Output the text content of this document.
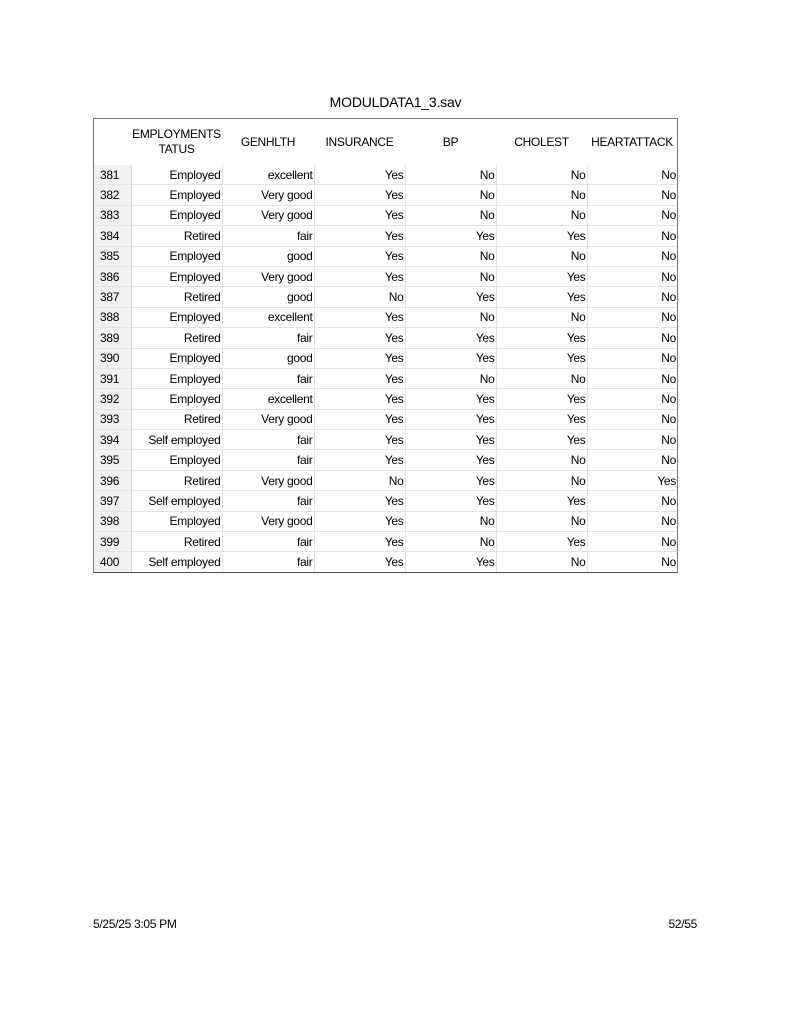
MODULDATA1_3.sav
	EMPLOYMENTSTATUS	GENHLTH	INSURANCE	BP	CHOLEST	HEARTATTACK
381	Employed	excellent	Yes	No	No	No
382	Employed	Very good	Yes	No	No	No
383	Employed	Very good	Yes	No	No	No
384	Retired	fair	Yes	Yes	Yes	No
385	Employed	good	Yes	No	No	No
386	Employed	Very good	Yes	No	Yes	No
387	Retired	good	No	Yes	Yes	No
388	Employed	excellent	Yes	No	No	No
389	Retired	fair	Yes	Yes	Yes	No
390	Employed	good	Yes	Yes	Yes	No
391	Employed	fair	Yes	No	No	No
392	Employed	excellent	Yes	Yes	Yes	No
393	Retired	Very good	Yes	Yes	Yes	No
394	Self employed	fair	Yes	Yes	Yes	No
395	Employed	fair	Yes	Yes	No	No
396	Retired	Very good	No	Yes	No	Yes
397	Self employed	fair	Yes	Yes	Yes	No
398	Employed	Very good	Yes	No	No	No
399	Retired	fair	Yes	No	Yes	No
400	Self employed	fair	Yes	Yes	No	No
5/25/25 3:05 PM	52/55
